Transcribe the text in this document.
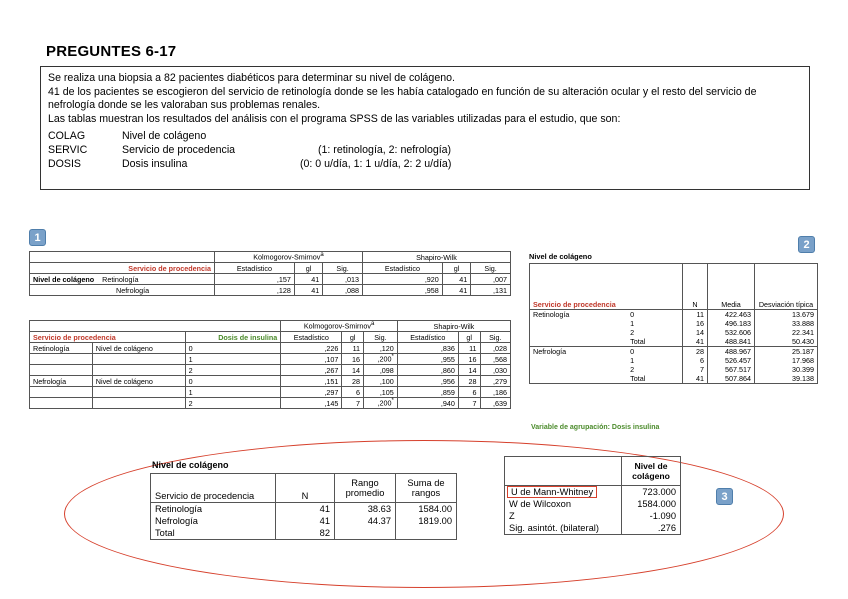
PREGUNTES 6-17

Se realiza una biopsia a 82 pacientes diabéticos para determinar su nivel de colágeno.

41 de los pacientes se escogieron del servicio de retinología donde se les había catalogado en función de su alteración ocular y el resto del servicio de nefrología donde se les valoraban sus problemas renales.

Las tablas muestran los resultados del análisis con el programa SPSS de las variables utilizadas para el estudio, que son:

COLAG	Nivel de colágeno
SERVIC	Servicio de procedencia	(1: retinología, 2: nefrología)
DOSIS	Dosis insulina	(0: 0 u/día, 1: 1 u/día, 2: 2 u/día)
1
2
3
	Kolmogorov-Smirnov$^a$			Shapiro-Wilk		
Servicio de procedencia	Estadístico	gl	Sig.	Estadístico	gl	Sig.
Nivel de colágeno Retinología	,157	41	,013	,920	41	,007
Nefrología	,128	41	,088	,958	41	,131
			Kolmogorov-Smirnov$^a$			Shapiro-Wilk		
Servicio de procedencia		Dosis de insulina	Estadístico	gl	Sig.	Estadístico	gl	Sig.
Retinología	Nivel de colágeno	0	,226	11	,120	,836	11	,028
		1	,107	16	,200*	,955	16	,568
		2	,267	14	,098	,860	14	,030
Nefrología	Nivel de colágeno	0	,151	28	,100	,956	28	,279
		1	,297	6	,105	,859	6	,186
		2	,145	7	,200*	,940	7	,639
Nivel de colágeno
Servicio de procedencia		N	Media	Desviación típica
Retinología	0	11	422.463	13.679
	1	16	496.183	33.888
	2	14	532.606	22.341
	Total	41	488.841	50.430
Nefrología	0	28	488.967	25.187
	1	6	526.457	17.968
	2	7	567.517	30.399
	Total	41	507.864	39.138
Variable de agrupación: Dosis insulina
Nivel de colágeno
Servicio de procedencia	N	Rango promedio	Suma de rangos
Retinología	41	38.63	1584.00
Nefrología	41	44.37	1819.00
Total	82		
	Nivel de colágeno
U de Mann-Whitney	723.000
W de Wilcoxon	1584.000
Z	-1.090
Sig. asintót. (bilateral)	.276
